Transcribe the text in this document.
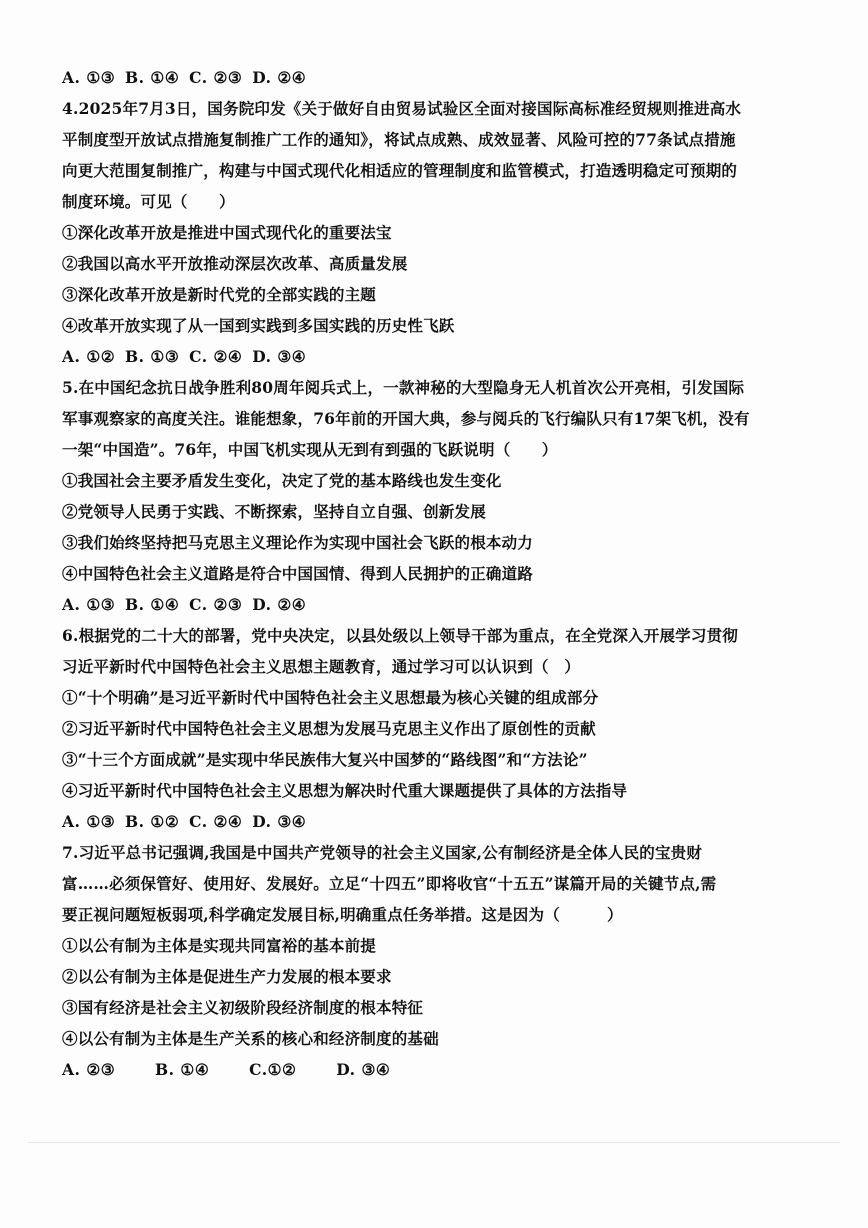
A. ①③ B. ①④ C. ②③ D. ②④
4.2025年7月3日，国务院印发《关于做好自由贸易试验区全面对接国际高标准经贸规则推进高水
平制度型开放试点措施复制推广工作的通知》，将试点成熟、成效显著、风险可控的77条试点措施
向更大范围复制推广，构建与中国式现代化相适应的管理制度和监管模式，打造透明稳定可预期的
制度环境。可见（　　）
①深化改革开放是推进中国式现代化的重要法宝
②我国以高水平开放推动深层次改革、高质量发展
③深化改革开放是新时代党的全部实践的主题
④改革开放实现了从一国到实践到多国实践的历史性飞跃
A. ①② B. ①③ C. ②④ D. ③④
5.在中国纪念抗日战争胜利80周年阅兵式上，一款神秘的大型隐身无人机首次公开亮相，引发国际
军事观察家的高度关注。谁能想象，76年前的开国大典，参与阅兵的飞行编队只有17架飞机，没有
一架“中国造”。76年，中国飞机实现从无到有到强的飞跃说明（　　）
①我国社会主要矛盾发生变化，决定了党的基本路线也发生变化
②党领导人民勇于实践、不断探索，坚持自立自强、创新发展
③我们始终坚持把马克思主义理论作为实现中国社会飞跃的根本动力
④中国特色社会主义道路是符合中国国情、得到人民拥护的正确道路
A. ①③ B. ①④ C. ②③ D. ②④
6.根据党的二十大的部署，党中央决定，以县处级以上领导干部为重点，在全党深入开展学习贯彻
习近平新时代中国特色社会主义思想主题教育，通过学习可以认识到（　）
①“十个明确”是习近平新时代中国特色社会主义思想最为核心关键的组成部分
②习近平新时代中国特色社会主义思想为发展马克思主义作出了原创性的贡献
③“十三个方面成就”是实现中华民族伟大复兴中国梦的“路线图”和“方法论”
④习近平新时代中国特色社会主义思想为解决时代重大课题提供了具体的方法指导
A. ①③ B. ①② C. ②④ D. ③④
7.习近平总书记强调,我国是中国共产党领导的社会主义国家,公有制经济是全体人民的宝贵财
富……必须保管好、使用好、发展好。立足“十四五”即将收官“十五五”谋篇开局的关键节点,需
要正视问题短板弱项,科学确定发展目标,明确重点任务举措。这是因为（　　　）
①以公有制为主体是实现共同富裕的基本前提
②以公有制为主体是促进生产力发展的根本要求
③国有经济是社会主义初级阶段经济制度的根本特征
④以公有制为主体是生产关系的核心和经济制度的基础
A. ②③	B. ①④	C.①②	D. ③④
